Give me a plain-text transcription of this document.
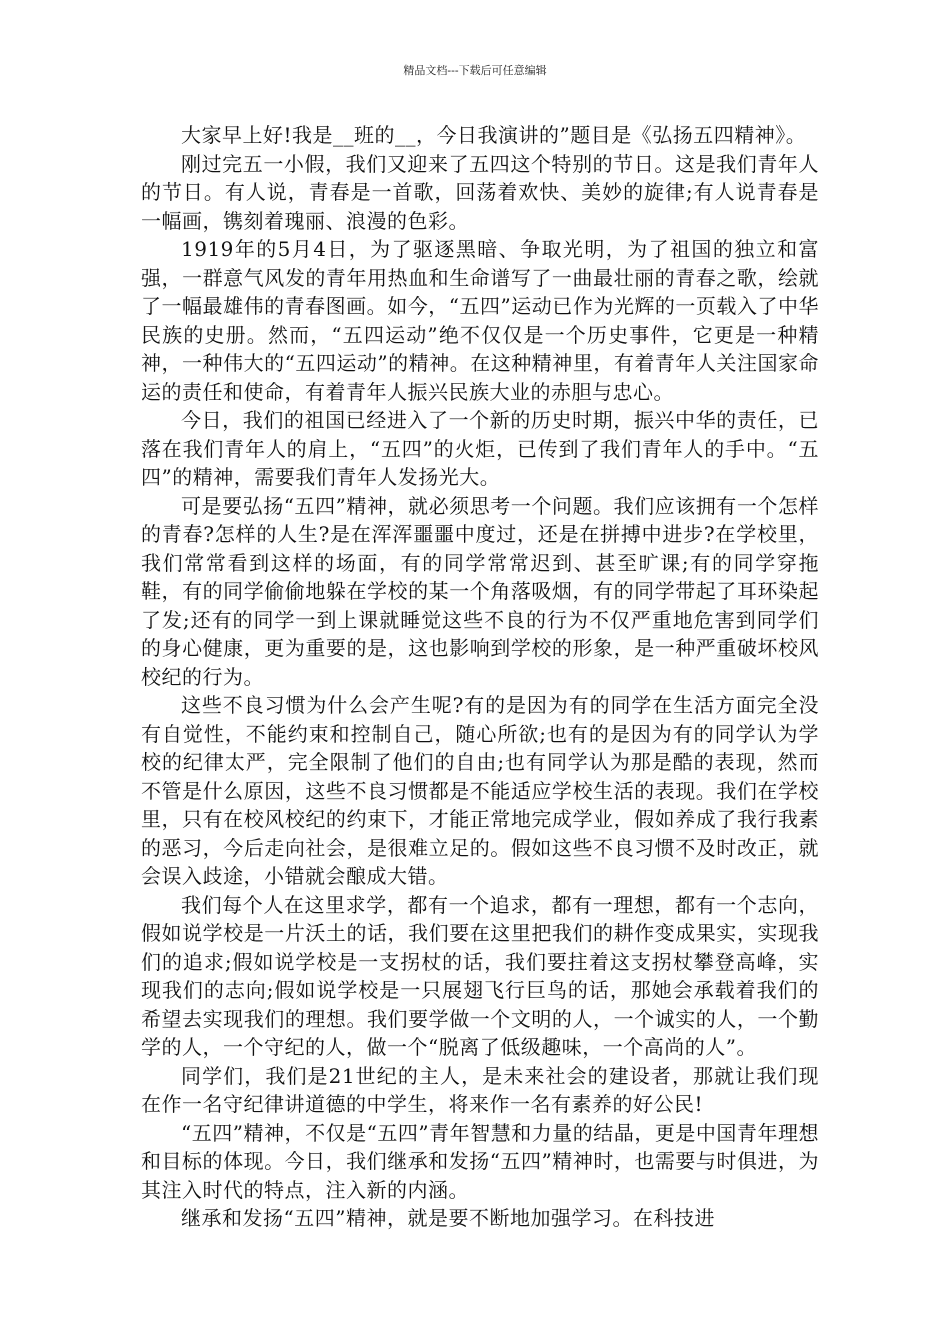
精品文档---下载后可任意编辑

大家早上好!我是__班的__，今日我演讲的”题目是《弘扬五四精神》。

刚过完五一小假，我们又迎来了五四这个特别的节日。这是我们青年人的节日。有人说，青春是一首歌，回荡着欢快、美妙的旋律;有人说青春是一幅画，镌刻着瑰丽、浪漫的色彩。

1919年的5月4日，为了驱逐黑暗、争取光明，为了祖国的独立和富强，一群意气风发的青年用热血和生命谱写了一曲最壮丽的青春之歌，绘就了一幅最雄伟的青春图画。如今，“五四”运动已作为光辉的一页载入了中华民族的史册。然而，“五四运动”绝不仅仅是一个历史事件，它更是一种精神，一种伟大的“五四运动”的精神。在这种精神里，有着青年人关注国家命运的责任和使命，有着青年人振兴民族大业的赤胆与忠心。

今日，我们的祖国已经进入了一个新的历史时期，振兴中华的责任，已落在我们青年人的肩上，“五四”的火炬，已传到了我们青年人的手中。“五四”的精神，需要我们青年人发扬光大。

可是要弘扬“五四”精神，就必须思考一个问题。我们应该拥有一个怎样的青春?怎样的人生?是在浑浑噩噩中度过，还是在拼搏中进步?在学校里，我们常常看到这样的场面，有的同学常常迟到、甚至旷课;有的同学穿拖鞋，有的同学偷偷地躲在学校的某一个角落吸烟，有的同学带起了耳环染起了发;还有的同学一到上课就睡觉这些不良的行为不仅严重地危害到同学们的身心健康，更为重要的是，这也影响到学校的形象，是一种严重破坏校风校纪的行为。

这些不良习惯为什么会产生呢?有的是因为有的同学在生活方面完全没有自觉性，不能约束和控制自己，随心所欲;也有的是因为有的同学认为学校的纪律太严，完全限制了他们的自由;也有同学认为那是酷的表现，然而不管是什么原因，这些不良习惯都是不能适应学校生活的表现。我们在学校里，只有在校风校纪的约束下，才能正常地完成学业，假如养成了我行我素的恶习，今后走向社会，是很难立足的。假如这些不良习惯不及时改正，就会误入歧途，小错就会酿成大错。

我们每个人在这里求学，都有一个追求，都有一理想，都有一个志向，假如说学校是一片沃土的话，我们要在这里把我们的耕作变成果实，实现我们的追求;假如说学校是一支拐杖的话，我们要拄着这支拐杖攀登高峰，实现我们的志向;假如说学校是一只展翅飞行巨鸟的话，那她会承载着我们的希望去实现我们的理想。我们要学做一个文明的人，一个诚实的人，一个勤学的人，一个守纪的人，做一个“脱离了低级趣味，一个高尚的人”。

同学们，我们是21世纪的主人，是未来社会的建设者，那就让我们现在作一名守纪律讲道德的中学生，将来作一名有素养的好公民!

“五四”精神，不仅是“五四”青年智慧和力量的结晶，更是中国青年理想和目标的体现。今日，我们继承和发扬“五四”精神时，也需要与时俱进，为其注入时代的特点，注入新的内涵。

继承和发扬“五四”精神，就是要不断地加强学习。在科技进
